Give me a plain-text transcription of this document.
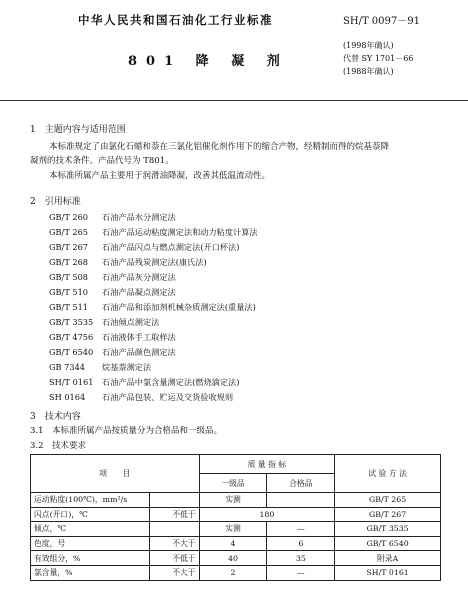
中华人民共和国石油化工行业标准	SH/T 0097－91
(1998年确认)
代替 SY 1701－66
(1988年确认)
801 降 凝 剂
1　主题内容与适用范围
本标准规定了由氯化石蜡和萘在三氯化铝催化剂作用下的缩合产物，经精制而得的烷基萘降
凝剂的技术条件。产品代号为 T801。
本标准所属产品主要用于润滑油降凝，改善其低温流动性。
2　引用标准
GB/T 260 石油产品水分测定法
GB/T 265 石油产品运动粘度测定法和动力粘度计算法
GB/T 267 石油产品闪点与燃点测定法(开口杯法)
GB/T 268 石油产品残炭测定法(康氏法)
GB/T 508 石油产品灰分测定法
GB/T 510 石油产品凝点测定法
GB/T 511 石油产品和添加剂机械杂质测定法(重量法)
GB/T 3535 石油倾点测定法
GB/T 4756 石油液体手工取样法
GB/T 6540 石油产品颜色测定法
GB 7344 烷基萘测定法
SH/T 0161 石油产品中氯含量测定法(燃烧滴定法)
SH 0164 石油产品包装、贮运及交货验收规则
3　技术内容
3.1　本标准所属产品按质量分为合格品和一级品。
3.2　技术要求
项　　目		质 量 指 标		试 验 方 法
		一级品	合格品	
运动粘度(100℃)，mm²/s		实测		GB/T 265
闪点(开口)，℃	不低于	180		GB/T 267
倾点，℃		实测	—	GB/T 3535
色度，号	不大于	4	6	GB/T 6540
有效组分，%	不低于	40	35	附录A
氯含量，%	不大于	2	—	SH/T 0161
